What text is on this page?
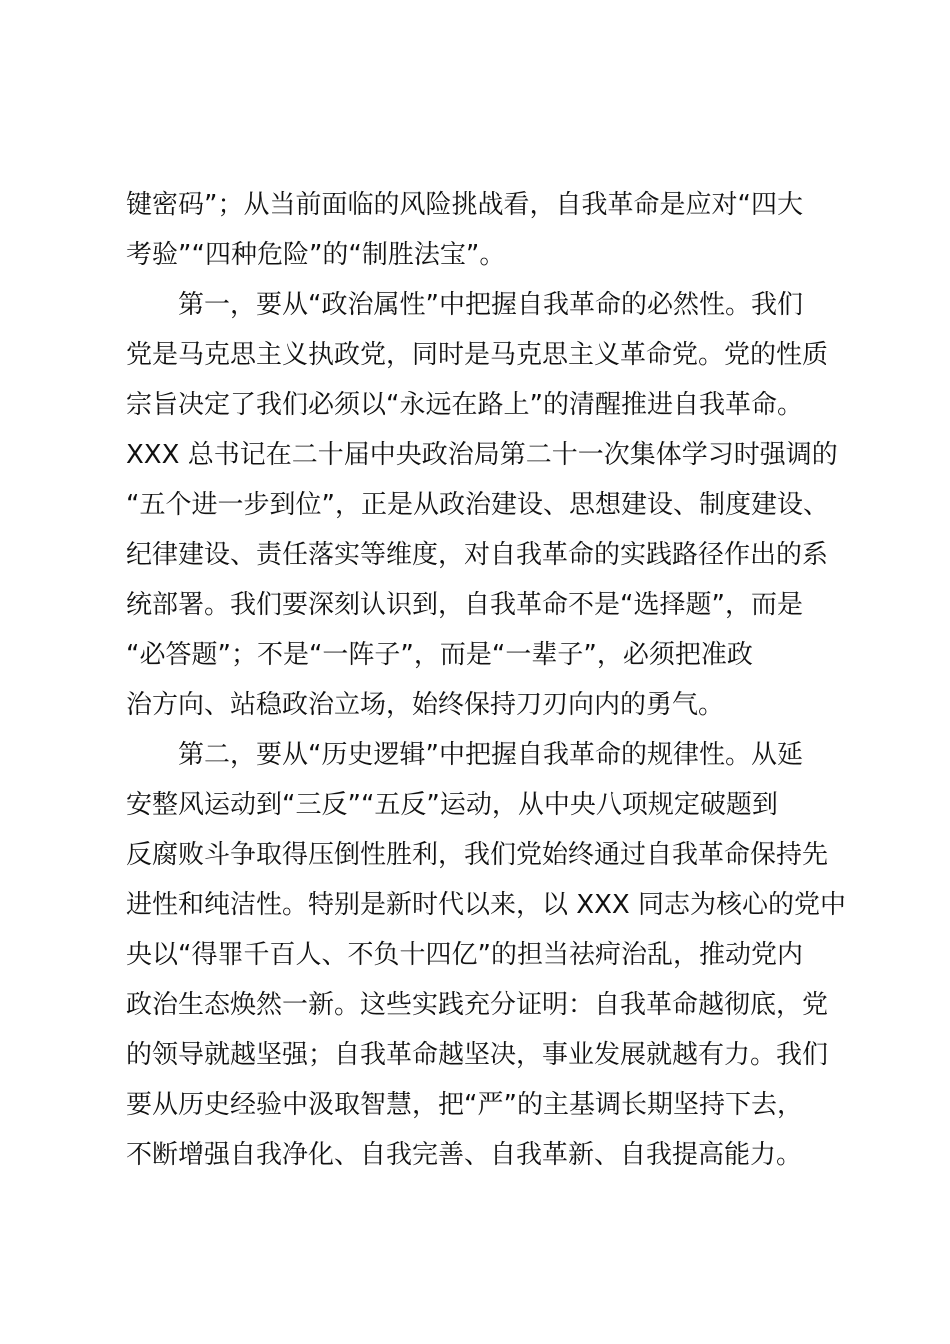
键密码”；从当前面临的风险挑战看，自我革命是应对“四大
考验”“四种危险”的“制胜法宝”。
　　第一，要从“政治属性”中把握自我革命的必然性。我们
党是马克思主义执政党，同时是马克思主义革命党。党的性质
宗旨决定了我们必须以“永远在路上”的清醒推进自我革命。
XXX 总书记在二十届中央政治局第二十一次集体学习时强调的
“五个进一步到位”，正是从政治建设、思想建设、制度建设、
纪律建设、责任落实等维度，对自我革命的实践路径作出的系
统部署。我们要深刻认识到，自我革命不是“选择题”，而是
“必答题”；不是“一阵子”，而是“一辈子”，必须把准政
治方向、站稳政治立场，始终保持刀刃向内的勇气。
　　第二，要从“历史逻辑”中把握自我革命的规律性。从延
安整风运动到“三反”“五反”运动，从中央八项规定破题到
反腐败斗争取得压倒性胜利，我们党始终通过自我革命保持先
进性和纯洁性。特别是新时代以来，以 XXX 同志为核心的党中
央以“得罪千百人、不负十四亿”的担当祛疴治乱，推动党内
政治生态焕然一新。这些实践充分证明：自我革命越彻底，党
的领导就越坚强；自我革命越坚决，事业发展就越有力。我们
要从历史经验中汲取智慧，把“严”的主基调长期坚持下去，
不断增强自我净化、自我完善、自我革新、自我提高能力。
